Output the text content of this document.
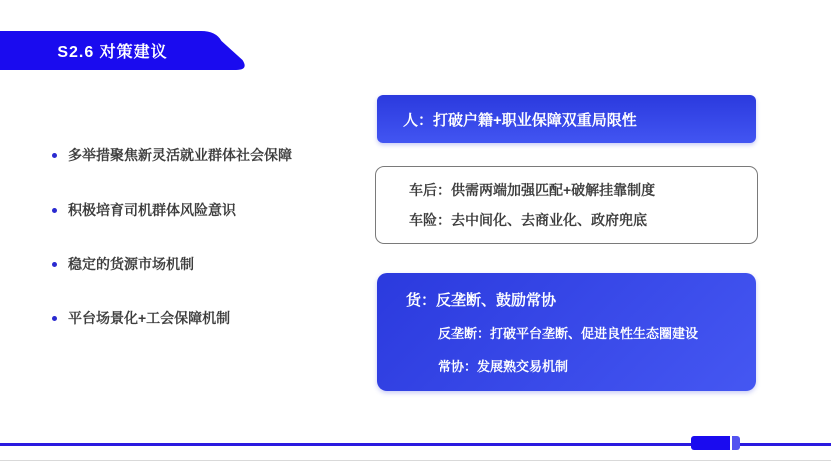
S2.6 对策建议
多举措聚焦新灵活就业群体社会保障
积极培育司机群体风险意识
稳定的货源市场机制
平台场景化+工会保障机制
人：打破户籍+职业保障双重局限性
车后：供需两端加强匹配+破解挂靠制度
车险：去中间化、去商业化、政府兜底
货：反垄断、鼓励常协
反垄断：打破平台垄断、促进良性生态圈建设
常协：发展熟交易机制
